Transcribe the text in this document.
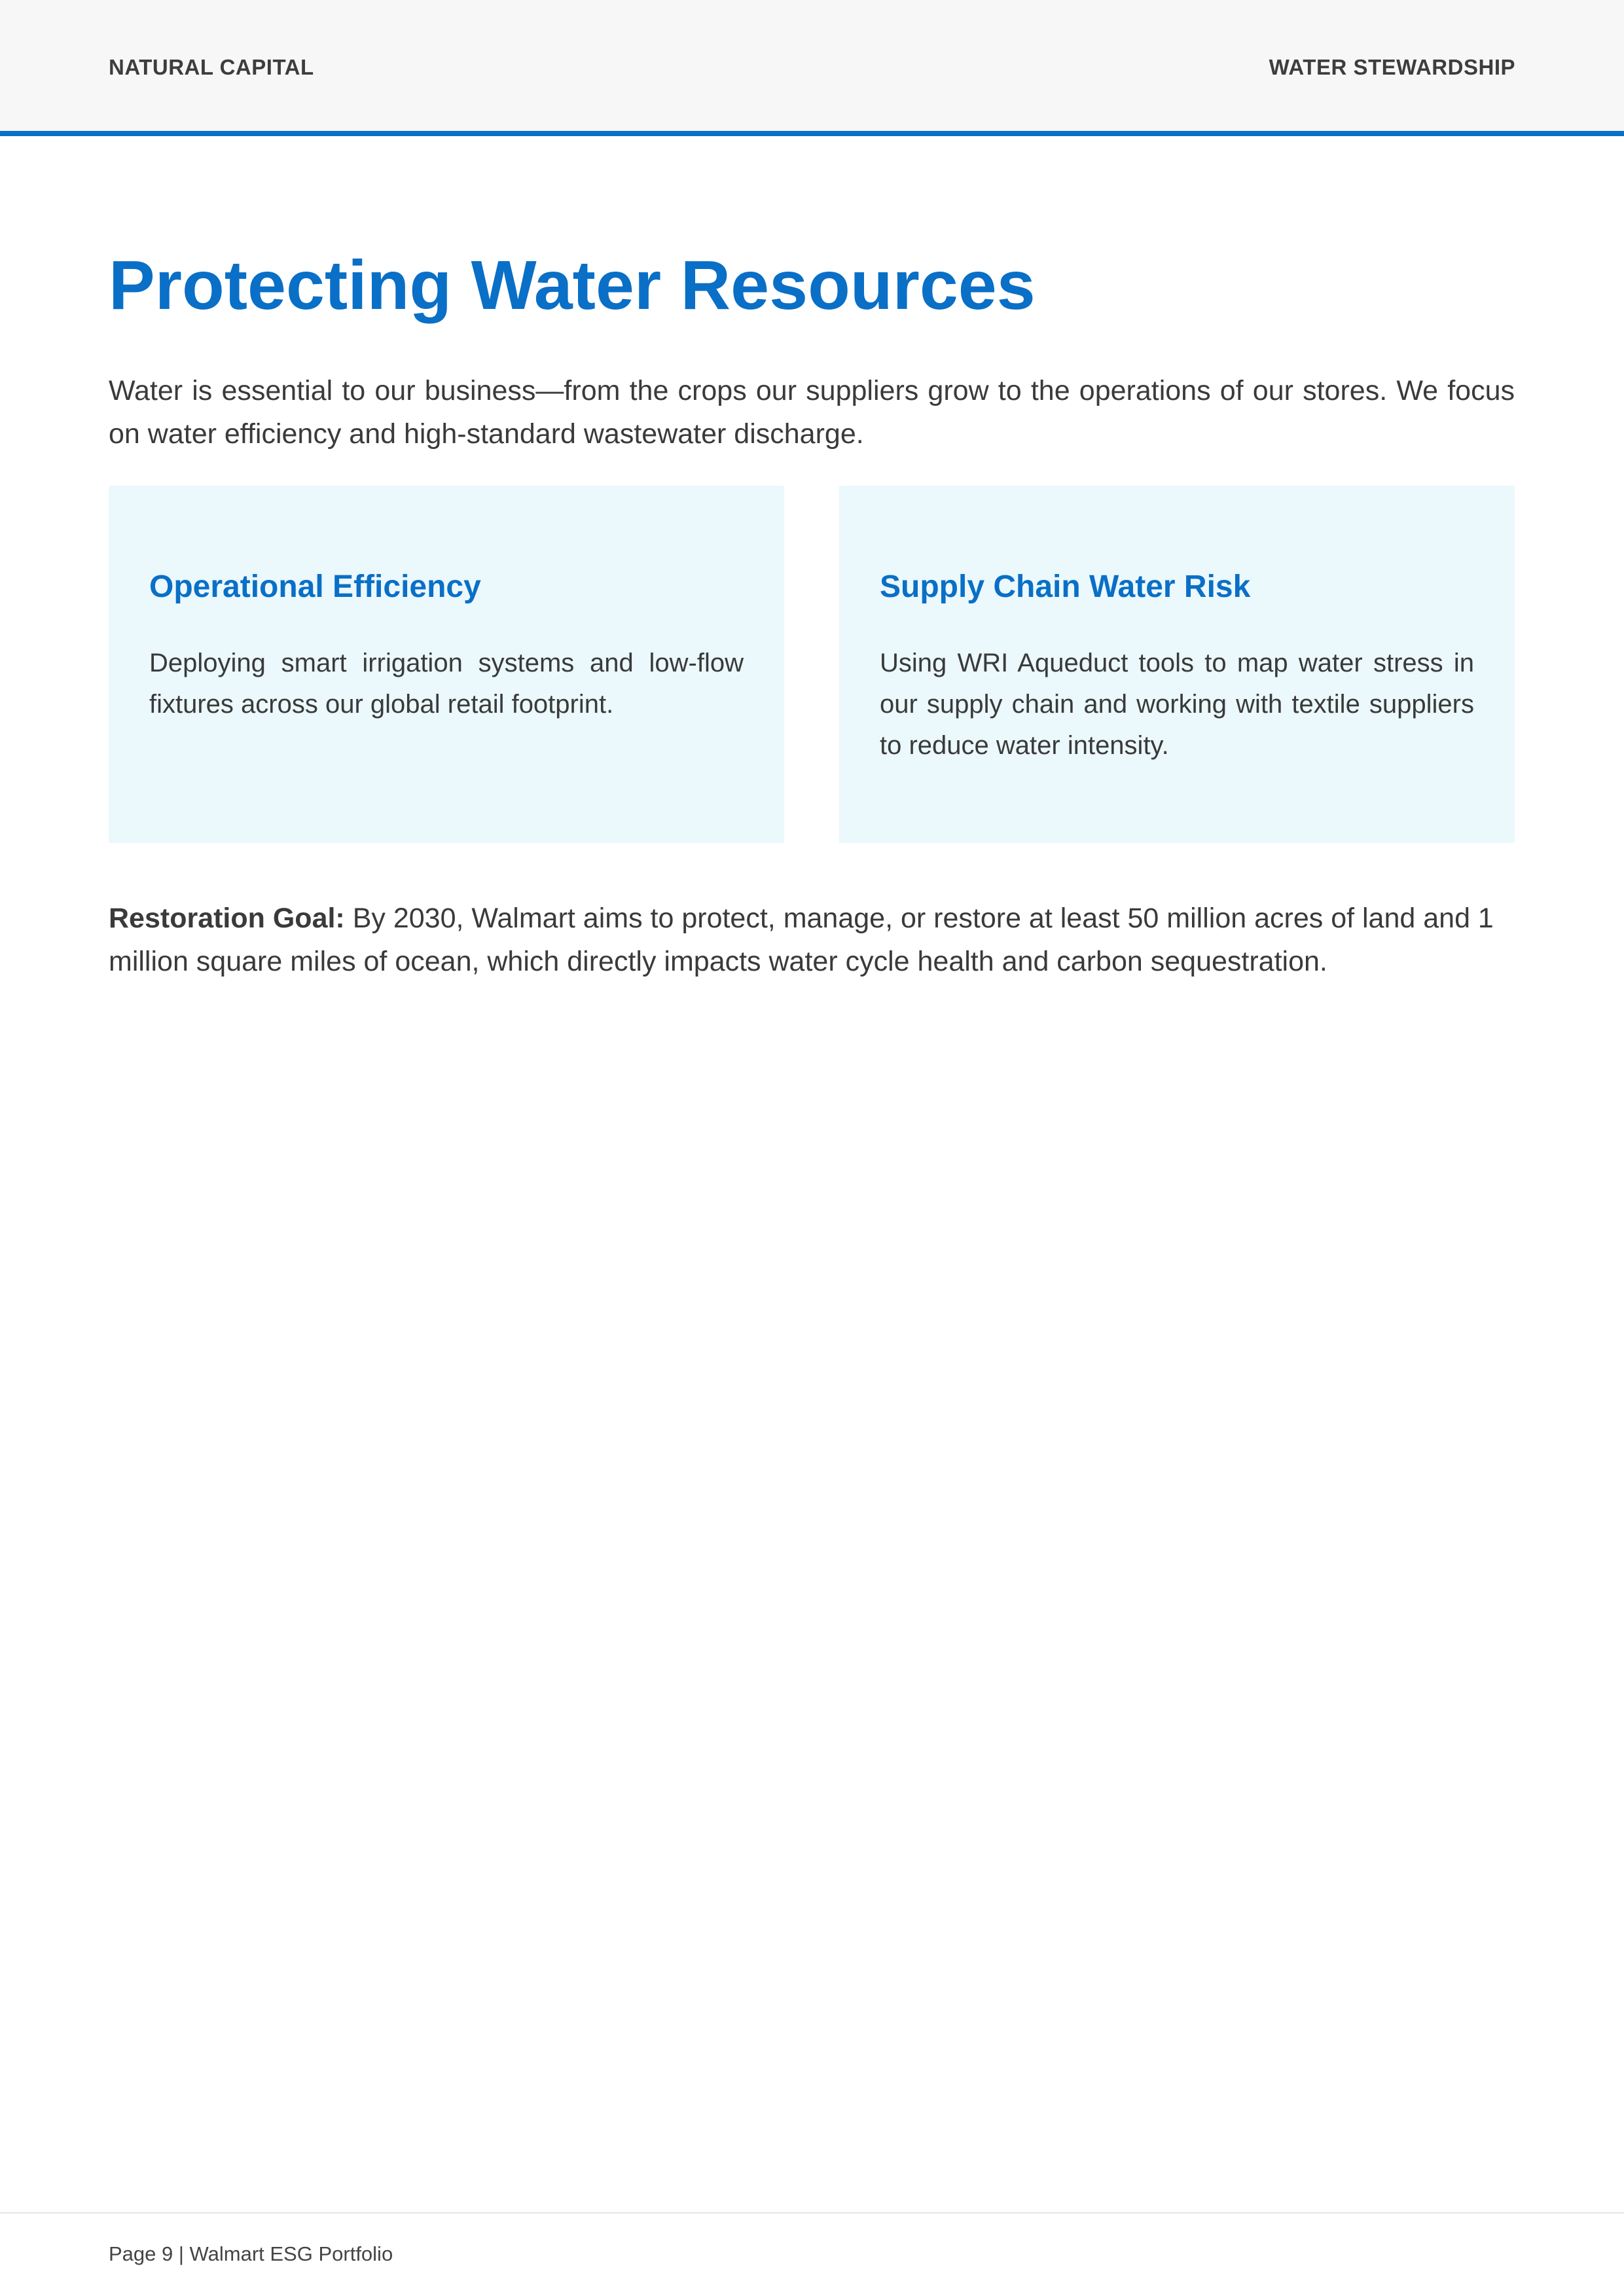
NATURAL CAPITAL	WATER STEWARDSHIP
Protecting Water Resources

Water is essential to our business—from the crops our suppliers grow to the operations of our stores. We focus on water efficiency and high-standard wastewater discharge.

Operational Efficiency

Deploying smart irrigation systems and low-flow fixtures across our global retail footprint.

Supply Chain Water Risk

Using WRI Aqueduct tools to map water stress in our supply chain and working with textile suppliers to reduce water intensity.

Restoration Goal: By 2030, Walmart aims to protect, manage, or restore at least 50 million acres of land and 1 million square miles of ocean, which directly impacts water cycle health and carbon sequestration.

Page 9 | Walmart ESG Portfolio
